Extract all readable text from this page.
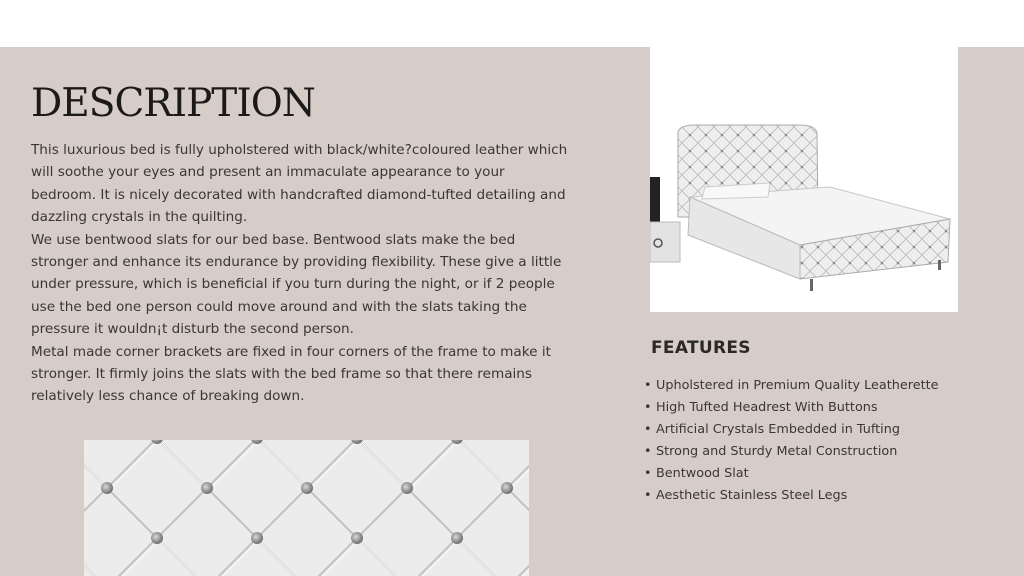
DESCRIPTION

This luxurious bed is fully upholstered with black/white?coloured leather which will soothe your eyes and present an immaculate appearance to your bedroom. It is nicely decorated with handcrafted diamond-tufted detailing and dazzling crystals in the quilting.

We use bentwood slats for our bed base. Bentwood slats make the bed stronger and enhance its endurance by providing flexibility. These give a little under pressure, which is beneficial if you turn during the night, or if 2 people use the bed one person could move around and with the slats taking the pressure it wouldn¡t disturb the second person.

Metal made corner brackets are fixed in four corners of the frame to make it stronger. It firmly joins the slats with the bed frame so that there remains relatively less chance of breaking down.

FEATURES
• Upholstered in Premium Quality Leatherette
• High Tufted Headrest With Buttons
• Artificial Crystals Embedded in Tufting
• Strong and Sturdy Metal Construction
• Bentwood Slat
• Aesthetic Stainless Steel Legs
